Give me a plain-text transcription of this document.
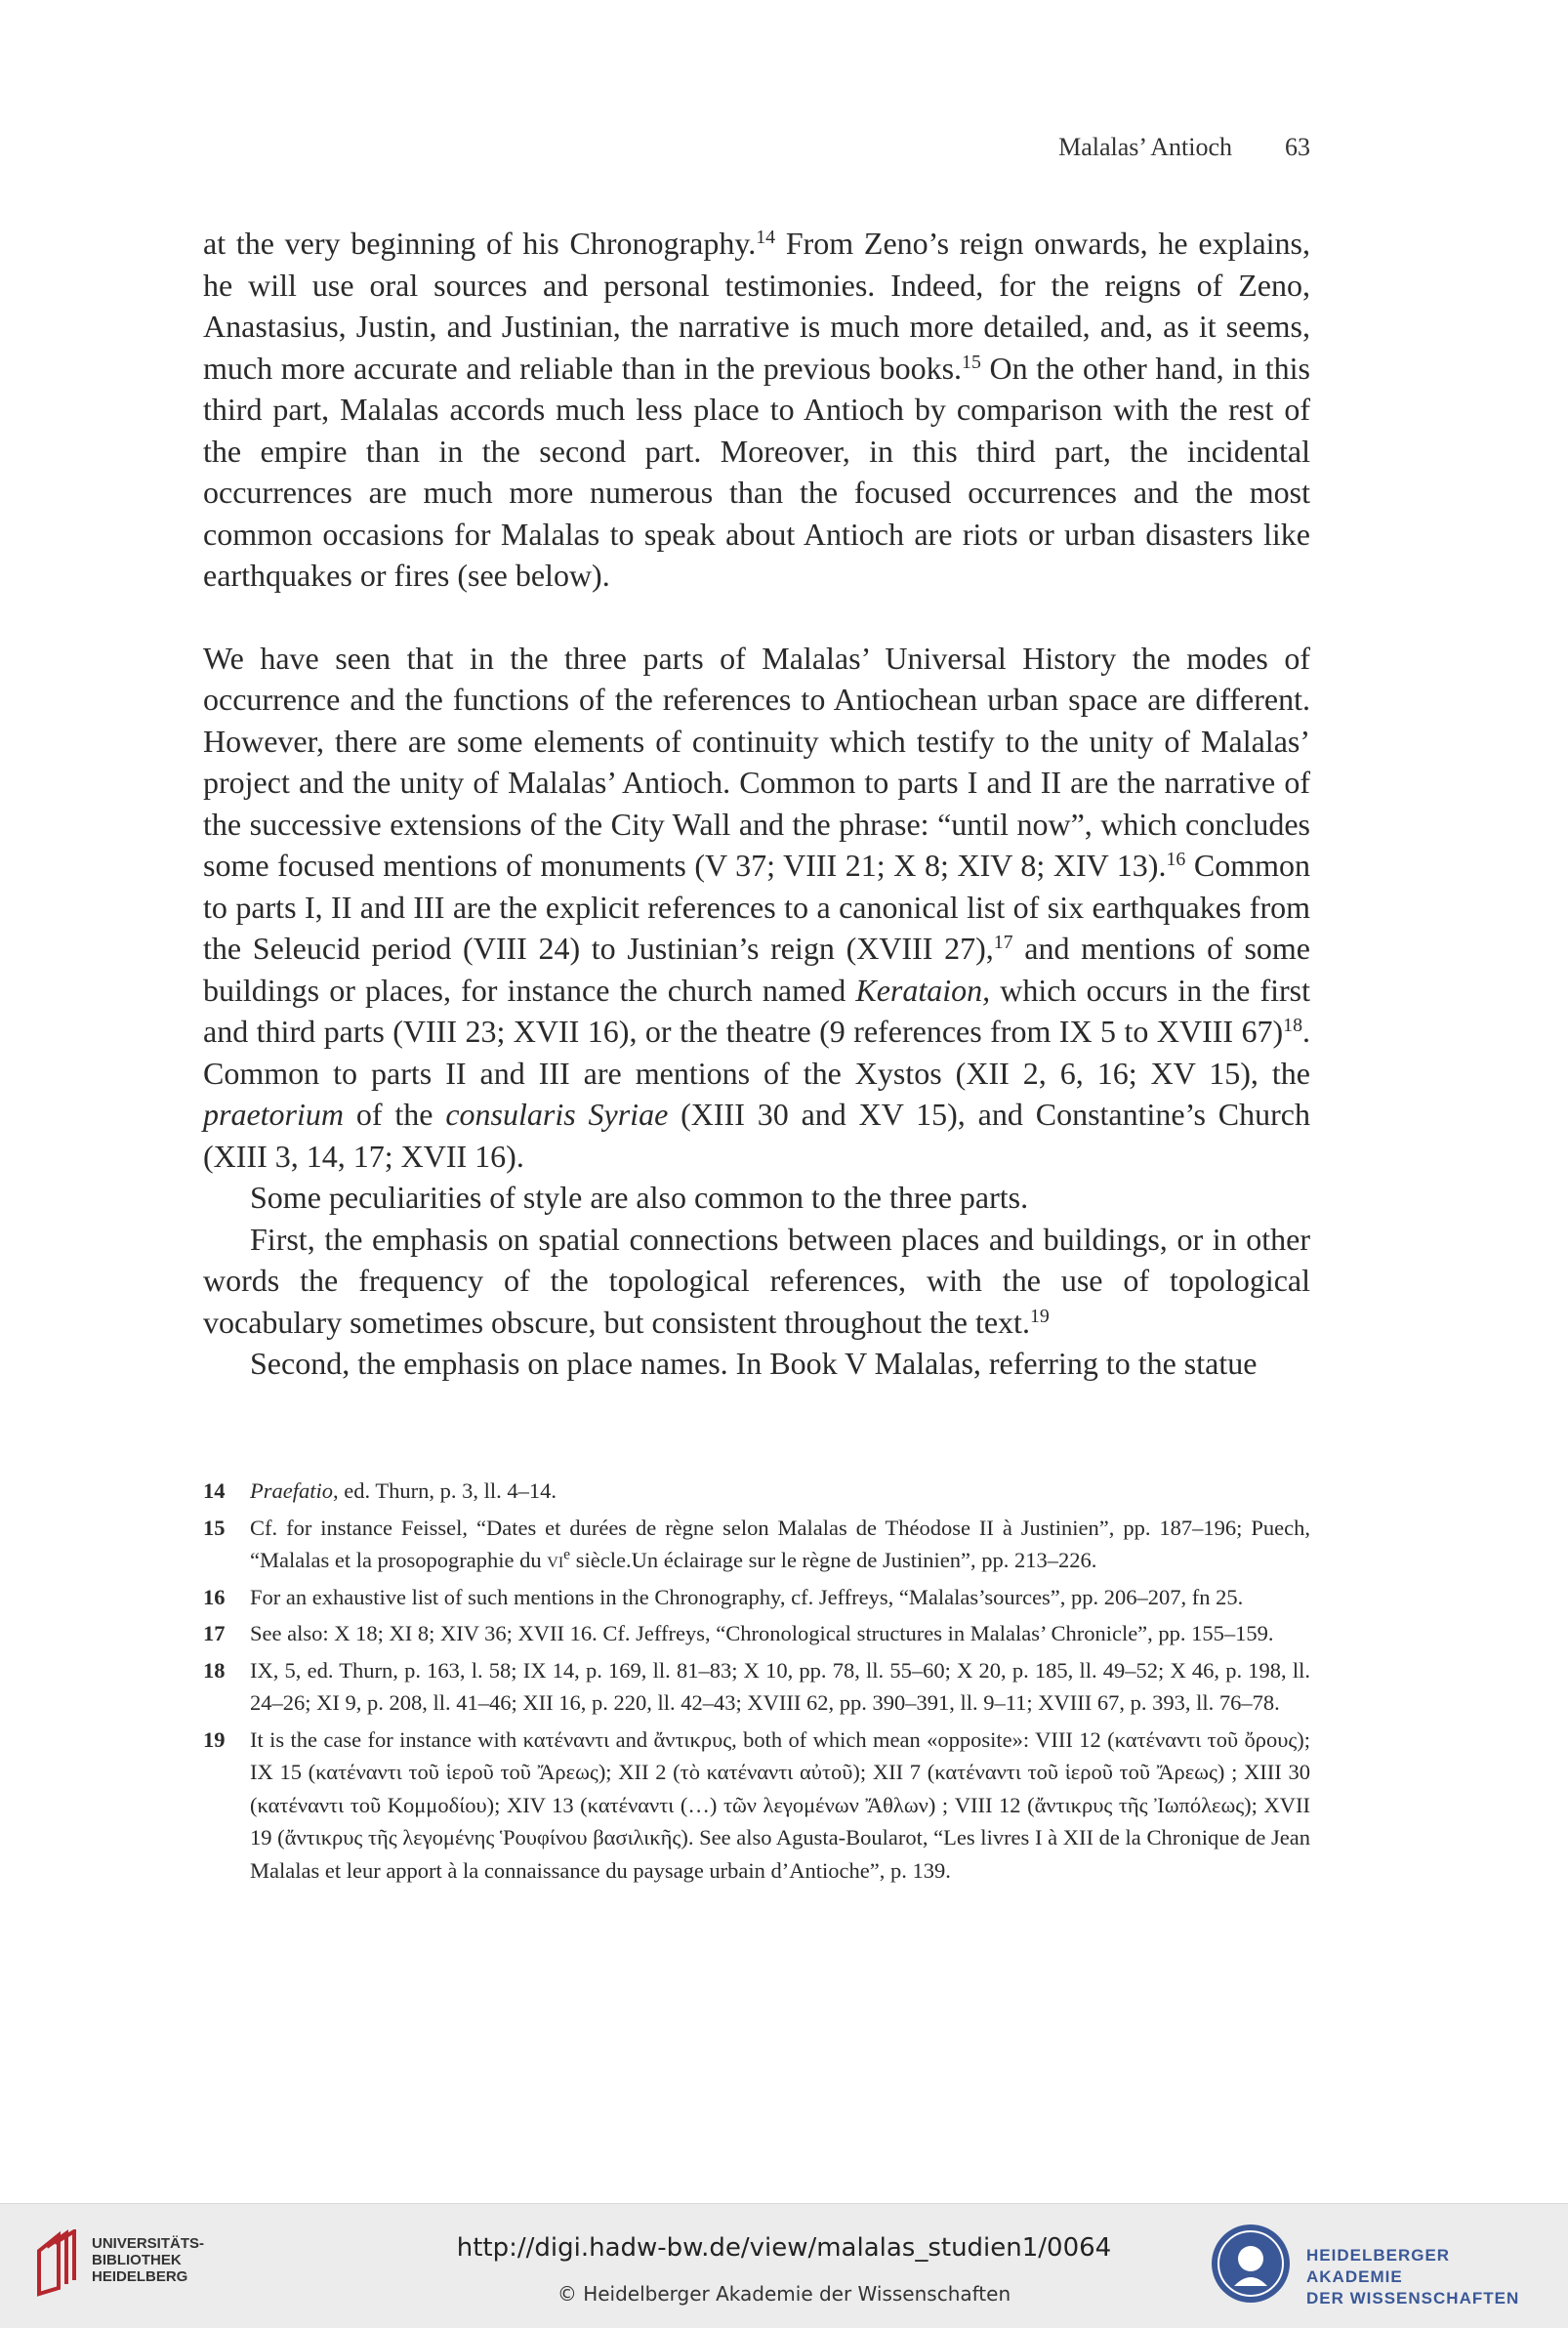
Malalas’ Antioch 63

at the very beginning of his Chronography.$^{14}$ From Zeno’s reign onwards, he explains, he will use oral sources and personal testimonies. Indeed, for the reigns of Zeno, Anastasius, Justin, and Justinian, the narrative is much more detailed, and, as it seems, much more accurate and reliable than in the previous books.$^{15}$ On the other hand, in this third part, Malalas accords much less place to Antioch by comparison with the rest of the empire than in the second part. Moreover, in this third part, the incidental occurrences are much more numerous than the focused occurrences and the most common occasions for Malalas to speak about Antioch are riots or urban disasters like earthquakes or fires (see below).

We have seen that in the three parts of Malalas’ Universal History the modes of occurrence and the functions of the references to Antiochean urban space are different. However, there are some elements of continuity which testify to the unity of Malalas’ project and the unity of Malalas’ Antioch. Common to parts I and II are the narrative of the successive extensions of the City Wall and the phrase: “until now”, which concludes some focused mentions of monuments (V 37; VIII 21; X 8; XIV 8; XIV 13).$^{16}$ Common to parts I, II and III are the explicit references to a canonical list of six earthquakes from the Seleucid period (VIII 24) to Justinian’s reign (XVIII 27),$^{17}$ and mentions of some buildings or places, for instance the church named Kerataion, which occurs in the first and third parts (VIII 23; XVII 16), or the theatre (9 references from IX 5 to XVIII 67)$^{18}$. Common to parts II and III are mentions of the Xystos (XII 2, 6, 16; XV 15), the praetorium of the consularis Syriae (XIII 30 and XV 15), and Constantine’s Church (XIII 3, 14, 17; XVII 16).

Some peculiarities of style are also common to the three parts.

First, the emphasis on spatial connections between places and buildings, or in other words the frequency of the topological references, with the use of topological vocabulary sometimes obscure, but consistent throughout the text.$^{19}$

Second, the emphasis on place names. In Book V Malalas, referring to the statue

14 Praefatio, ed. Thurn, p. 3, ll. 4–14.
15 Cf. for instance Feissel, “Dates et durées de règne selon Malalas de Théodose II à Justinien”, pp. 187–196; Puech, “Malalas et la prosopographie du $vi^e$ siècle.Un éclairage sur le règne de Justinien”, pp. 213–226.
16 For an exhaustive list of such mentions in the Chronography, cf. Jeffreys, “Malalas’sources”, pp. 206–207, fn 25.
17 See also: X 18; XI 8; XIV 36; XVII 16. Cf. Jeffreys, “Chronological structures in Malalas’ Chronicle”, pp. 155–159.
18 IX, 5, ed. Thurn, p. 163, l. 58; IX 14, p. 169, ll. 81–83; X 10, pp. 78, ll. 55–60; X 20, p. 185, ll. 49–52; X 46, p. 198, ll. 24–26; XI 9, p. 208, ll. 41–46; XII 16, p. 220, ll. 42–43; XVIII 62, pp. 390–391, ll. 9–11; XVIII 67, p. 393, ll. 76–78.
19 It is the case for instance with κατέναντι and ἄντικρυς, both of which mean «opposite»: VIII 12 (κατέναντι τοῦ ὄρους); IX 15 (κατέναντι τοῦ ἱεροῦ τοῦ Ἄρεως); XII 2 (τὸ κατέναντι αὐτοῦ); XII 7 (κατέναντι τοῦ ἱεροῦ τοῦ Ἄρεως) ; XIII 30 (κατέναντι τοῦ Κομμοδίου); XIV 13 (κατέναντι (…) τῶν λεγομένων Ἄθλων) ; VIII 12 (ἄντικρυς τῆς Ἰωπόλεως); XVII 19 (ἄντικρυς τῆς λεγομένης Ῥουφίνου βασιλικῆς). See also Agusta-Boularot, “Les livres I à XII de la Chronique de Jean Malalas et leur apport à la connaissance du paysage urbain d’Antioche”, p. 139.
UNIVERSITÄTS-
BIBLIOTHEK
HEIDELBERG
http://digi.hadw-bw.de/view/malalas_studien1/0064
© Heidelberger Akademie der Wissenschaften
HEIDELBERGER AKADEMIE
DER WISSENSCHAFTEN
